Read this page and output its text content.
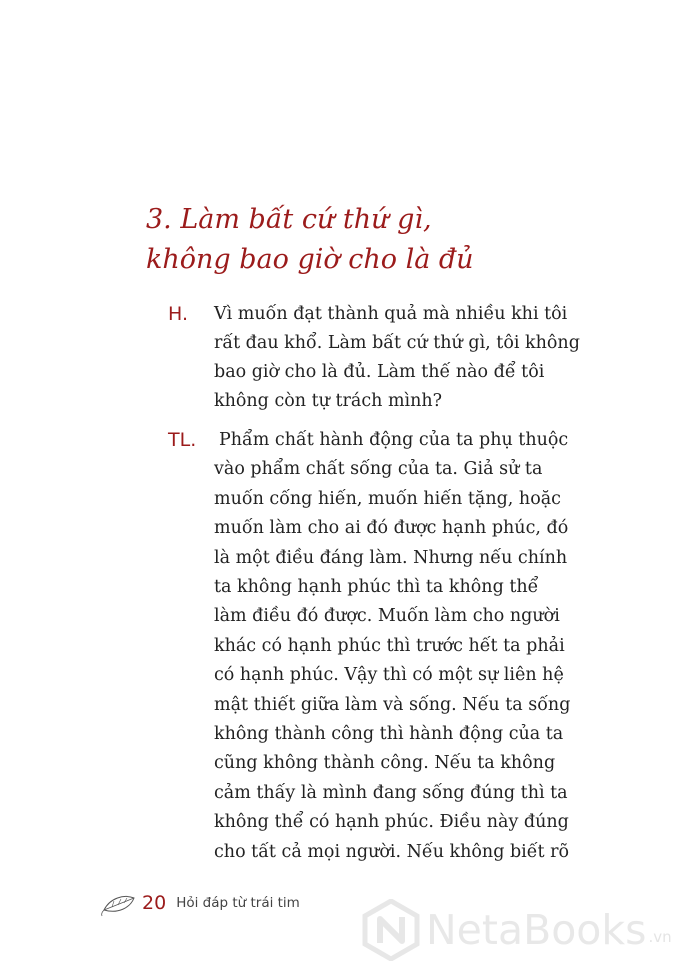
3. Làm bất cứ thứ gì,
không bao giờ cho là đủ
H. Vì muốn đạt thành quả mà nhiều khi tôi
rất đau khổ. Làm bất cứ thứ gì, tôi không
bao giờ cho là đủ. Làm thế nào để tôi
không còn tự trách mình?
TL. Phẩm chất hành động của ta phụ thuộc
vào phẩm chất sống của ta. Giả sử ta
muốn cống hiến, muốn hiến tặng, hoặc
muốn làm cho ai đó được hạnh phúc, đó
là một điều đáng làm. Nhưng nếu chính
ta không hạnh phúc thì ta không thể
làm điều đó được. Muốn làm cho người
khác có hạnh phúc thì trước hết ta phải
có hạnh phúc. Vậy thì có một sự liên hệ
mật thiết giữa làm và sống. Nếu ta sống
không thành công thì hành động của ta
cũng không thành công. Nếu ta không
cảm thấy là mình đang sống đúng thì ta
không thể có hạnh phúc. Điều này đúng
cho tất cả mọi người. Nếu không biết rõ
20 Hỏi đáp từ trái tim
NetaBooks .vn
